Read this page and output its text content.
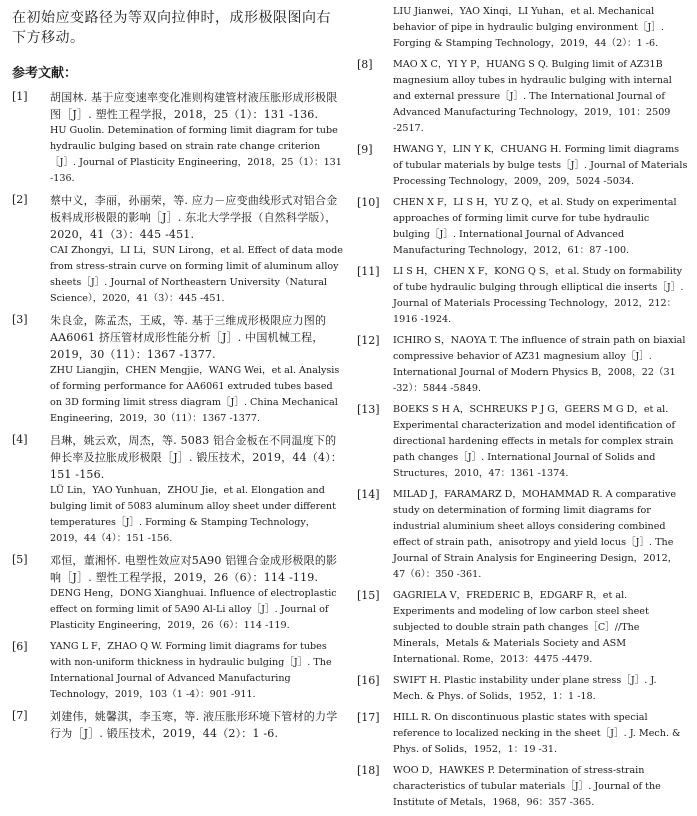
在初始应变路径为等双向拉伸时，成形极限图向右下方移动。
参考文献：
[1]	胡国林. 基于应变速率变化准则构建管材液压胀形成形极限图［J］. 塑性工程学报，2018，25（1）：131 -136.
HU Guolin. Detemination of forming limit diagram for tube hydraulic bulging based on strain rate change criterion［J］. Journal of Plasticity Engineering，2018，25（1）：131 -136.
[2]	蔡中义，李丽，孙丽荣，等. 应力－应变曲线形式对铝合金板料成形极限的影响［J］. 东北大学学报（自然科学版），2020，41（3）：445 -451.
CAI Zhongyi，LI Li，SUN Lirong，et al. Effect of data mode from stress-strain curve on forming limit of aluminum alloy sheets［J］. Journal of Northeastern University（Natural Science），2020，41（3）：445 -451.
[3]	朱良金，陈孟杰，王威，等. 基于三维成形极限应力图的AA6061 挤压管材成形性能分析［J］. 中国机械工程，2019，30（11）：1367 -1377.
ZHU Liangjin，CHEN Mengjie，WANG Wei，et al. Analysis of forming performance for AA6061 extruded tubes based on 3D forming limit stress diagram［J］. China Mechanical Engineering，2019，30（11）：1367 -1377.
[4]	吕琳，姚云欢，周杰，等. 5083 铝合金板在不同温度下的伸长率及拉胀成形极限［J］. 锻压技术，2019，44（4）：151 -156.
LÜ Lin，YAO Yunhuan，ZHOU Jie，et al. Elongation and bulging limit of 5083 aluminum alloy sheet under different temperatures［J］. Forming & Stamping Technology，2019，44（4）：151 -156.
[5]	邓恒，董湘怀. 电塑性效应对5A90 铝锂合金成形极限的影响［J］. 塑性工程学报，2019，26（6）：114 -119.
DENG Heng，DONG Xianghuai. Influence of electroplastic effect on forming limit of 5A90 Al-Li alloy［J］. Journal of Plasticity Engineering，2019，26（6）：114 -119.
[6]	YANG L F，ZHAO Q W. Forming limit diagrams for tubes with non-uniform thickness in hydraulic bulging［J］. The International Journal of Advanced Manufacturing Technology，2019，103（1 -4）：901 -911.
[7]	刘建伟，姚馨淇，李玉寒，等. 液压胀形环境下管材的力学行为［J］. 锻压技术，2019，44（2）：1 -6.
LIU Jianwei，YAO Xinqi，LI Yuhan，et al. Mechanical behavior of pipe in hydraulic bulging environment［J］. Forging & Stamping Technology，2019，44（2）：1 -6.
[8]	MAO X C，YI Y P，HUANG S Q. Bulging limit of AZ31B magnesium alloy tubes in hydraulic bulging with internal and external pressure［J］. The International Journal of Advanced Manufacturing Technology，2019，101：2509 -2517.
[9]	HWANG Y，LIN Y K，CHUANG H. Forming limit diagrams of tubular materials by bulge tests［J］. Journal of Materials Processing Technology，2009，209，5024 -5034.
[10]	CHEN X F，LI S H，YU Z Q，et al. Study on experimental approaches of forming limit curve for tube hydraulic bulging［J］. International Journal of Advanced Manufacturing Technology，2012，61：87 -100.
[11]	LI S H，CHEN X F，KONG Q S，et al. Study on formability of tube hydraulic bulging through elliptical die inserts［J］. Journal of Materials Processing Technology，2012，212：1916 -1924.
[12]	ICHIRO S，NAOYA T. The influence of strain path on biaxial compressive behavior of AZ31 magnesium alloy［J］. International Journal of Modern Physics B，2008，22（31 -32）：5844 -5849.
[13]	BOEKS S H A，SCHREUKS P J G，GEERS M G D，et al. Experimental characterization and model identification of directional hardening effects in metals for complex strain path changes［J］. International Journal of Solids and Structures，2010，47：1361 -1374.
[14]	MILAD J，FARAMARZ D，MOHAMMAD R. A comparative study on determination of forming limit diagrams for industrial aluminium sheet alloys considering combined effect of strain path，anisotropy and yield locus［J］. The Journal of Strain Analysis for Engineering Design，2012，47（6）：350 -361.
[15]	GAGRIELA V，FREDERIC B，EDGARF R，et al. Experiments and modeling of low carbon steel sheet subjected to double strain path changes［C］//The Minerals，Metals & Materials Society and ASM International. Rome，2013：4475 -4479.
[16]	SWIFT H. Plastic instability under plane stress［J］. J. Mech. & Phys. of Solids，1952，1：1 -18.
[17]	HILL R. On discontinuous plastic states with special reference to localized necking in the sheet［J］. J. Mech. & Phys. of Solids，1952，1：19 -31.
[18]	WOO D，HAWKES P. Determination of stress-strain characteristics of tubular materials［J］. Journal of the Institute of Metals，1968，96：357 -365.
